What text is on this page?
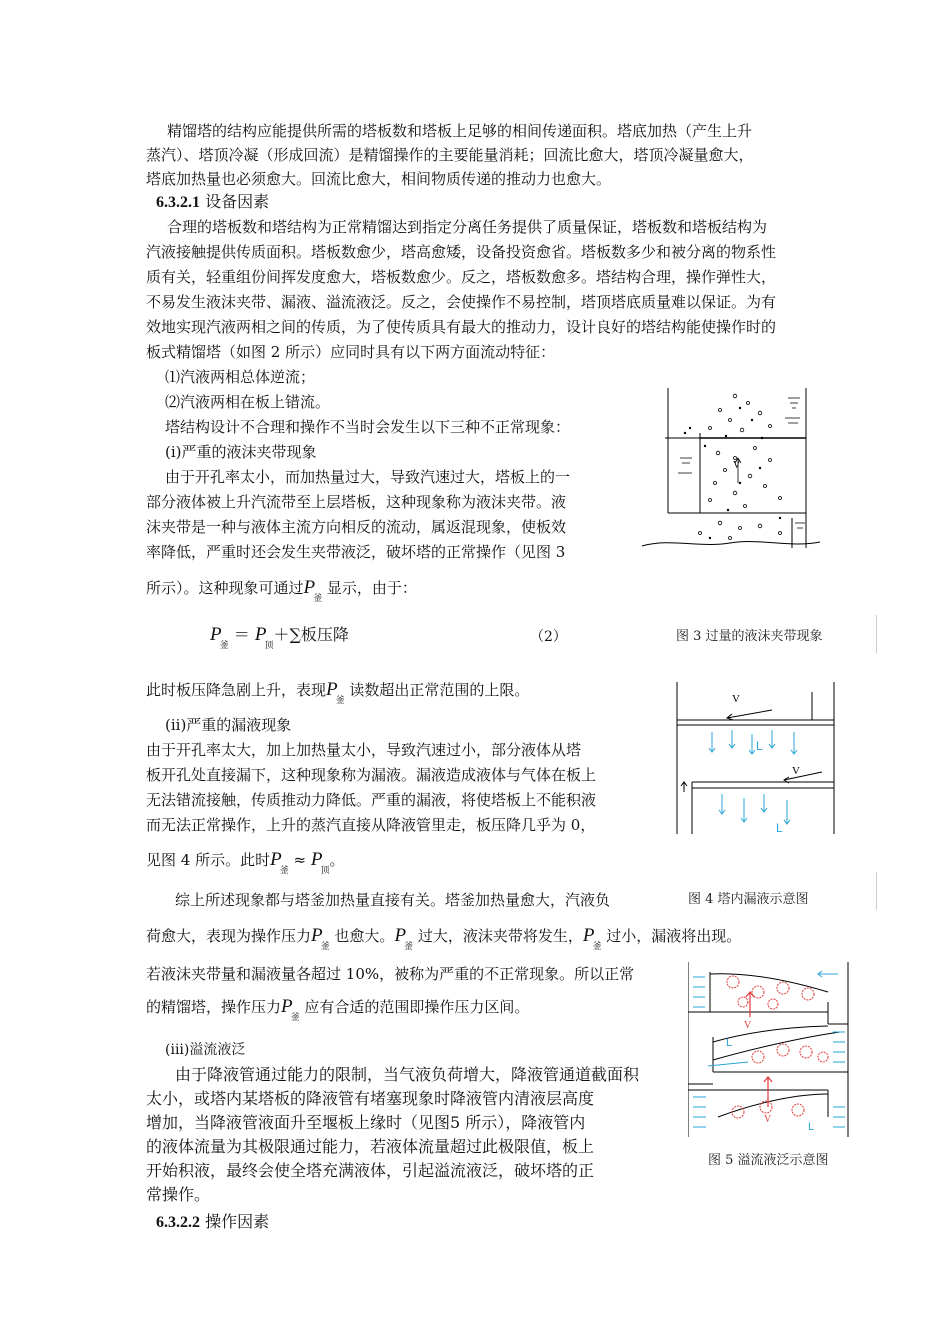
精馏塔的结构应能提供所需的塔板数和塔板上足够的相间传递面积。塔底加热（产生上升
蒸汽）、塔顶冷凝（形成回流）是精馏操作的主要能量消耗；回流比愈大，塔顶冷凝量愈大，
塔底加热量也必须愈大。回流比愈大，相间物质传递的推动力也愈大。
6.3.2.1 设备因素
合理的塔板数和塔结构为正常精馏达到指定分离任务提供了质量保证，塔板数和塔板结构为
汽液接触提供传质面积。塔板数愈少，塔高愈矮，设备投资愈省。塔板数多少和被分离的物系性
质有关，轻重组份间挥发度愈大，塔板数愈少。反之，塔板数愈多。塔结构合理，操作弹性大，
不易发生液沫夹带、漏液、溢流液泛。反之，会使操作不易控制，塔顶塔底质量难以保证。为有
效地实现汽液两相之间的传质，为了使传质具有最大的推动力，设计良好的塔结构能使操作时的
板式精馏塔（如图 2 所示）应同时具有以下两方面流动特征：
⑴汽液两相总体逆流；
⑵汽液两相在板上错流。
塔结构设计不合理和操作不当时会发生以下三种不正常现象：
(i)严重的液沫夹带现象
由于开孔率太小，而加热量过大，导致汽速过大，塔板上的一
部分液体被上升汽流带至上层塔板，这种现象称为液沫夹带。液
沫夹带是一种与液体主流方向相反的流动，属返混现象，使板效
率降低，严重时还会发生夹带液泛，破坏塔的正常操作（见图 3
所示）。这种现象可通过$P_釜$ 显示，由于：
$P_釜 = P_顶+\sum$板压降	（2）
此时板压降急剧上升，表现$P_釜$ 读数超出正常范围的上限。
(ii)严重的漏液现象
由于开孔率太大，加上加热量太小，导致汽速过小，部分液体从塔
板开孔处直接漏下，这种现象称为漏液。漏液造成液体与气体在板上
无法错流接触，传质推动力降低。严重的漏液，将使塔板上不能积液
而无法正常操作，上升的蒸汽直接从降液管里走，板压降几乎为 0，
见图 4 所示。此时$P_釜 \approx P_顶$。
综上所述现象都与塔釜加热量直接有关。塔釜加热量愈大，汽液负
荷愈大，表现为操作压力$P_釜$ 也愈大。$P_釜$ 过大，液沫夹带将发生，$P_釜$ 过小，漏液将出现。
若液沫夹带量和漏液量各超过 10%，被称为严重的不正常现象。所以正常
的精馏塔，操作压力$P_釜$ 应有合适的范围即操作压力区间。
(iii)溢流液泛
由于降液管通过能力的限制，当气液负荷增大，降液管通道截面积
太小，或塔内某塔板的降液管有堵塞现象时降液管内清液层高度
增加，当降液管液面升至堰板上缘时（见图5 所示），降液管内
的液体流量为其极限通过能力，若液体流量超过此极限值，板上
开始积液，最终会使全塔充满液体，引起溢流液泛，破坏塔的正
常操作。
6.3.2.2 操作因素
V
图 3 过量的液沫夹带现象
V
V
L
L
图 4 塔内漏液示意图
V
V
L
L
图 5 溢流液泛示意图
